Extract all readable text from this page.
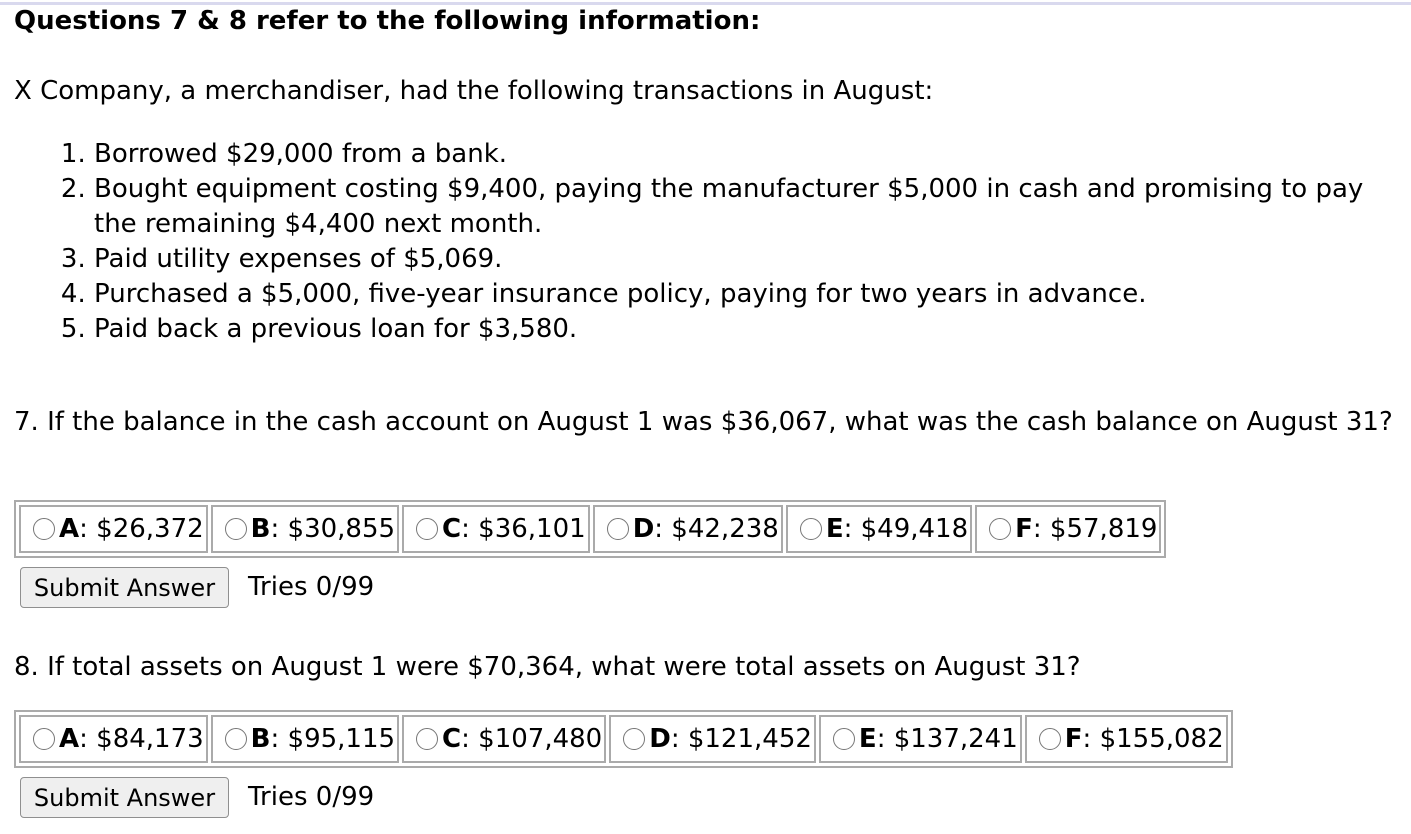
Questions 7 & 8 refer to the following information:
X Company, a merchandiser, had the following transactions in August:
1. Borrowed $29,000 from a bank.
2. Bought equipment costing $9,400, paying the manufacturer $5,000 in cash and promising to pay the remaining $4,400 next month.
3. Paid utility expenses of $5,069.
4. Purchased a $5,000, five-year insurance policy, paying for two years in advance.
5. Paid back a previous loan for $3,580.
7. If the balance in the cash account on August 1 was $36,067, what was the cash balance on August 31?
A: $26,372	B: $30,855	C: $36,101	D: $42,238	E: $49,418	F: $57,819
Submit Answer	Tries 0/99
8. If total assets on August 1 were $70,364, what were total assets on August 31?
A: $84,173	B: $95,115	C: $107,480	D: $121,452	E: $137,241	F: $155,082
Submit Answer	Tries 0/99
